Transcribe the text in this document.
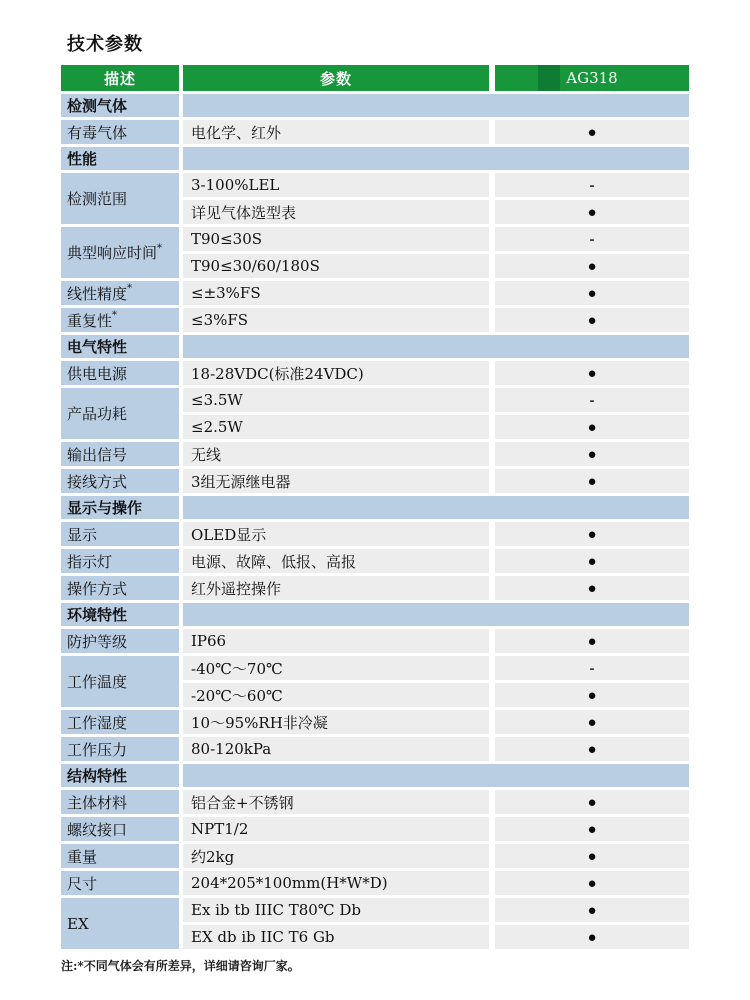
技术参数
描述	参数	AG318
检测气体
有毒气体	电化学、红外	●
性能
检测范围
3-100%LEL	-
详见气体选型表	●
典型响应时间*	T90≤30S	-
T90≤30/60/180S	●
线性精度*	≤±3%FS	●
重复性*	≤3%FS	●
电气特性
供电电源	18-28VDC(标准24VDC)	●
产品功耗
≤3.5W	-
≤2.5W	●
输出信号	无线	●
接线方式	3组无源继电器	●
显示与操作
显示	OLED显示	●
指示灯	电源、故障、低报、高报	●
操作方式	红外遥控操作	●
环境特性
防护等级	IP66	●
工作温度
-40℃～70℃	-
-20℃～60℃	●
工作湿度	10～95%RH非冷凝	●
工作压力	80-120kPa	●
结构特性
主体材料	铝合金+不锈钢	●
螺纹接口	NPT1/2	●
重量	约2kg	●
尺寸	204*205*100mm(H*W*D)	●
EX
Ex ib tb IIIC T80℃ Db	●
EX db ib IIC T6 Gb	●

注:*不同气体会有所差异，详细请咨询厂家。
